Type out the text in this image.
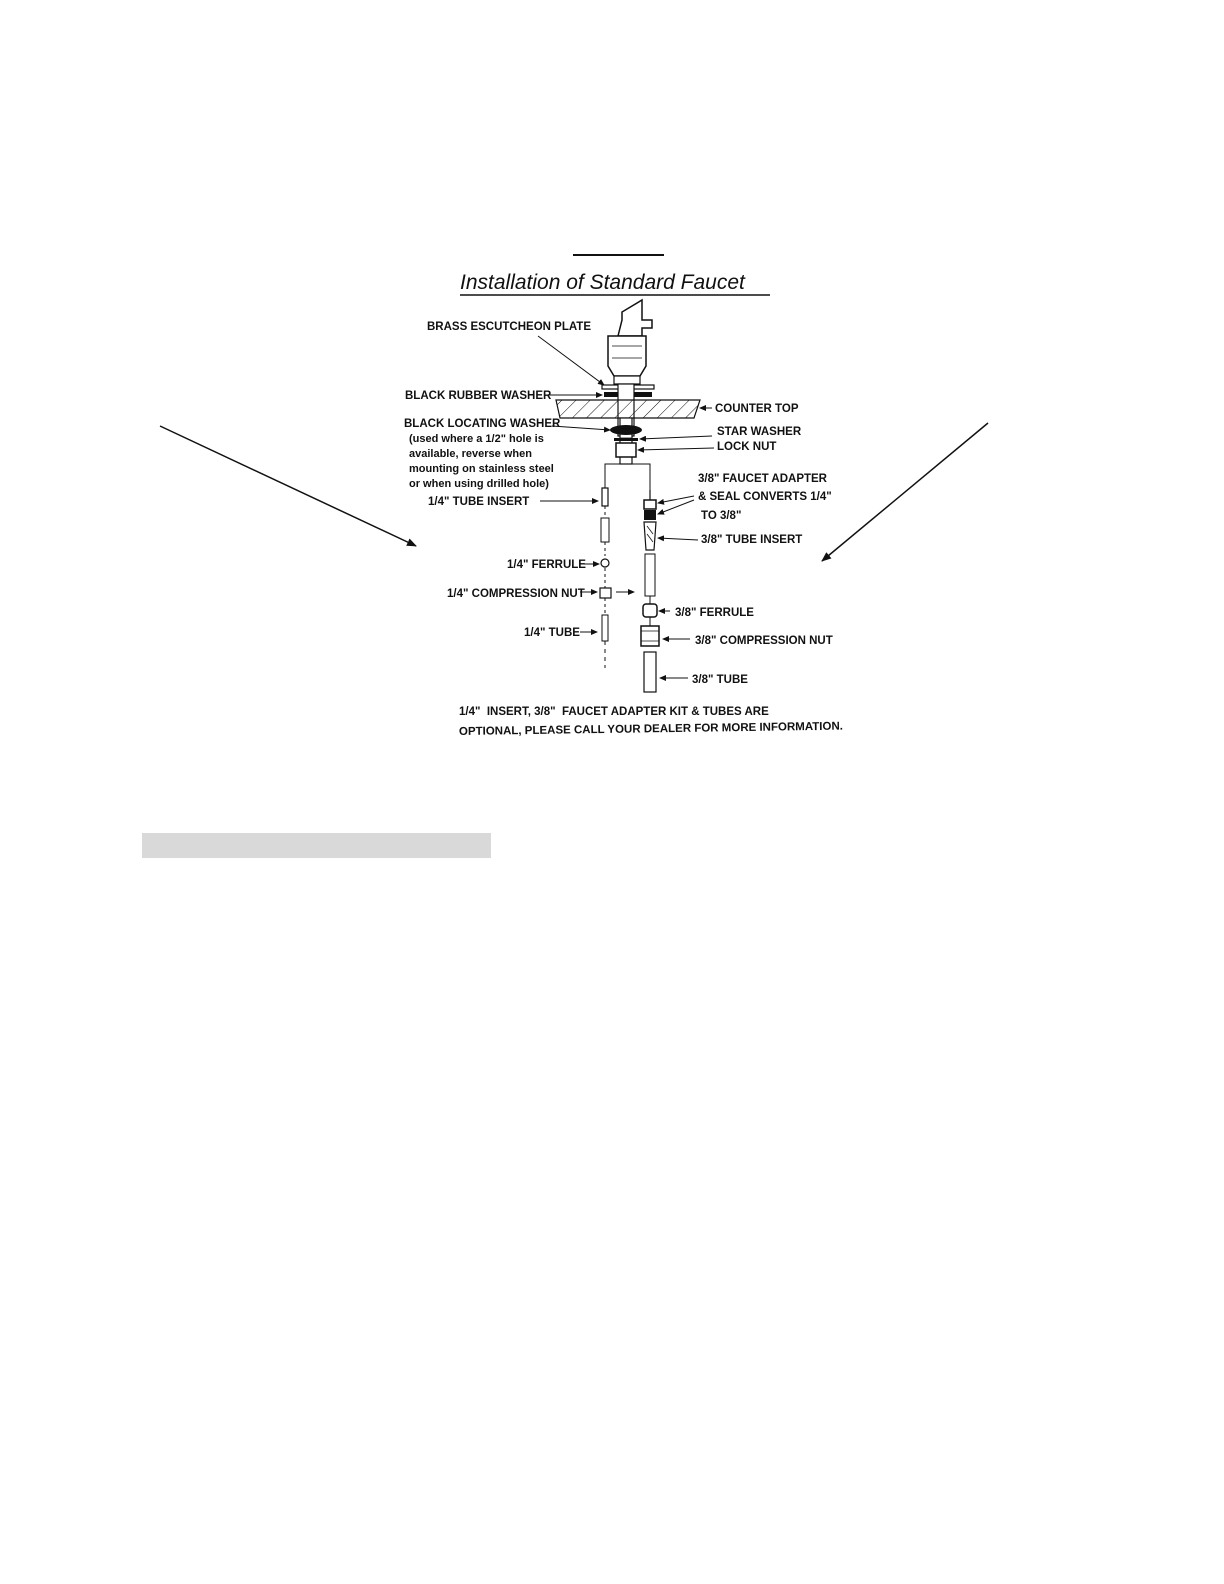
Installation of Standard Faucet
BRASS ESCUTCHEON PLATE
BLACK RUBBER WASHER
COUNTER TOP
BLACK LOCATING WASHER
(used where a 1/2" hole is
available, reverse when
mounting on stainless steel
or when using drilled hole)
STAR WASHER
LOCK NUT
1/4" TUBE INSERT
3/8" FAUCET ADAPTER
& SEAL CONVERTS 1/4"
TO 3/8"
3/8" TUBE INSERT
1/4" FERRULE
1/4" COMPRESSION NUT
3/8" FERRULE
1/4" TUBE
3/8" COMPRESSION NUT
3/8" TUBE
1/4"  INSERT, 3/8"  FAUCET ADAPTER KIT & TUBES ARE
OPTIONAL, PLEASE CALL YOUR DEALER FOR MORE INFORMATION.
